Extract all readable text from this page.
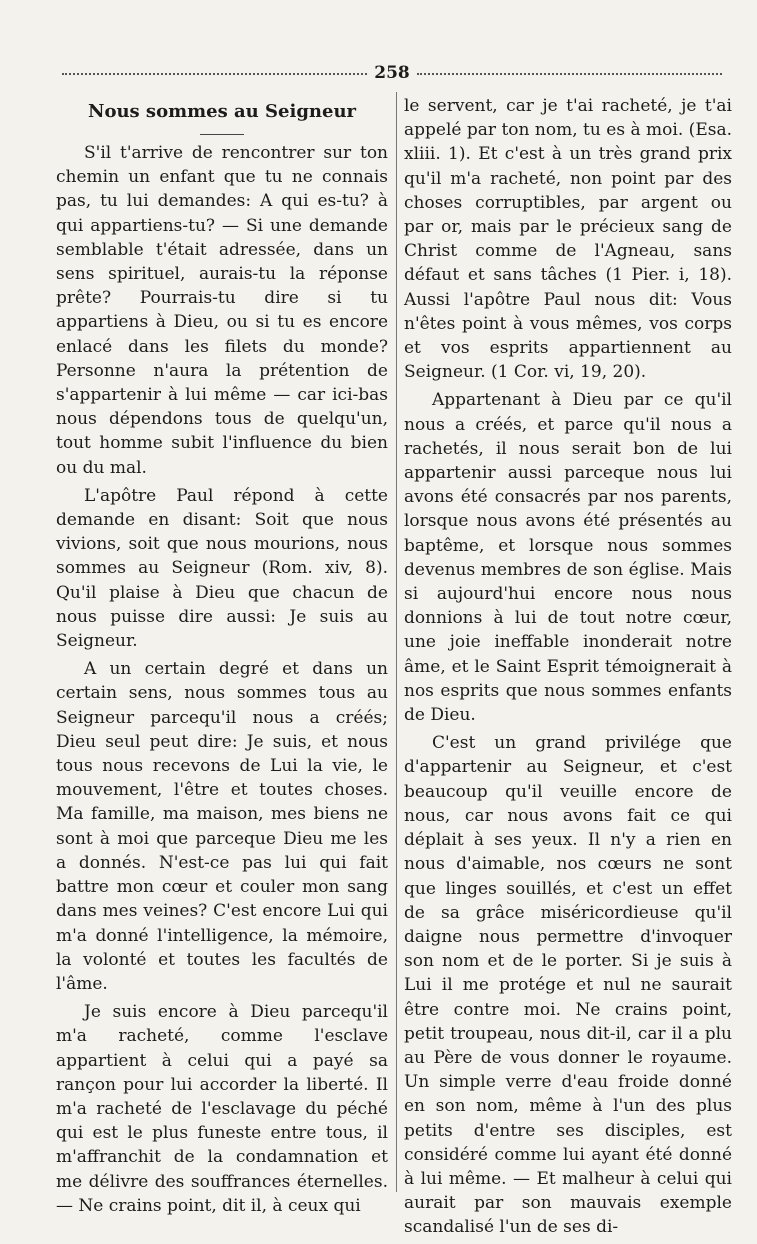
258
Nous sommes au Seigneur

S'il t'arrive de rencontrer sur ton chemin un enfant que tu ne connais pas, tu lui demandes: A qui es-tu? à qui appartiens-tu? — Si une demande semblable t'était adressée, dans un sens spirituel, aurais-tu la réponse prête? Pourrais-tu dire si tu appartiens à Dieu, ou si tu es encore enlacé dans les filets du monde? Personne n'aura la prétention de s'appartenir à lui même — car ici-bas nous dépendons tous de quelqu'un, tout homme subit l'influence du bien ou du mal.

L'apôtre Paul répond à cette demande en disant: Soit que nous vivions, soit que nous mourions, nous sommes au Seigneur (Rom. xiv, 8). Qu'il plaise à Dieu que chacun de nous puisse dire aussi: Je suis au Seigneur.

A un certain degré et dans un certain sens, nous sommes tous au Seigneur parcequ'il nous a créés; Dieu seul peut dire: Je suis, et nous tous nous recevons de Lui la vie, le mouvement, l'être et toutes choses. Ma famille, ma maison, mes biens ne sont à moi que parceque Dieu me les a donnés. N'est-ce pas lui qui fait battre mon cœur et couler mon sang dans mes veines? C'est encore Lui qui m'a donné l'intelligence, la mémoire, la volonté et toutes les facultés de l'âme.

Je suis encore à Dieu parcequ'il m'a racheté, comme l'esclave appartient à celui qui a payé sa rançon pour lui accorder la liberté. Il m'a racheté de l'esclavage du péché qui est le plus funeste entre tous, il m'affranchit de la condamnation et me délivre des souffrances éternelles. — Ne crains point, dit il, à ceux qui

le servent, car je t'ai racheté, je t'ai appelé par ton nom, tu es à moi. (Esa. xliii. 1). Et c'est à un très grand prix qu'il m'a racheté, non point par des choses corruptibles, par argent ou par or, mais par le précieux sang de Christ comme de l'Agneau, sans défaut et sans tâches (1 Pier. i, 18). Aussi l'apôtre Paul nous dit: Vous n'êtes point à vous mêmes, vos corps et vos esprits appartiennent au Seigneur. (1 Cor. vi, 19, 20).

Appartenant à Dieu par ce qu'il nous a créés, et parce qu'il nous a rachetés, il nous serait bon de lui appartenir aussi parceque nous lui avons été consacrés par nos parents, lorsque nous avons été présentés au baptême, et lorsque nous sommes devenus membres de son église. Mais si aujourd'hui encore nous nous donnions à lui de tout notre cœur, une joie ineffable inonderait notre âme, et le Saint Esprit témoignerait à nos esprits que nous sommes enfants de Dieu.

C'est un grand privilége que d'appartenir au Seigneur, et c'est beaucoup qu'il veuille encore de nous, car nous avons fait ce qui déplait à ses yeux. Il n'y a rien en nous d'aimable, nos cœurs ne sont que linges souillés, et c'est un effet de sa grâce miséricordieuse qu'il daigne nous permettre d'invoquer son nom et de le porter. Si je suis à Lui il me protége et nul ne saurait être contre moi. Ne crains point, petit troupeau, nous dit-il, car il a plu au Père de vous donner le royaume. Un simple verre d'eau froide donné en son nom, même à l'un des plus petits d'entre ses disciples, est considéré comme lui ayant été donné à lui même. — Et malheur à celui qui aurait par son mauvais exemple scandalisé l'un de ses di-
